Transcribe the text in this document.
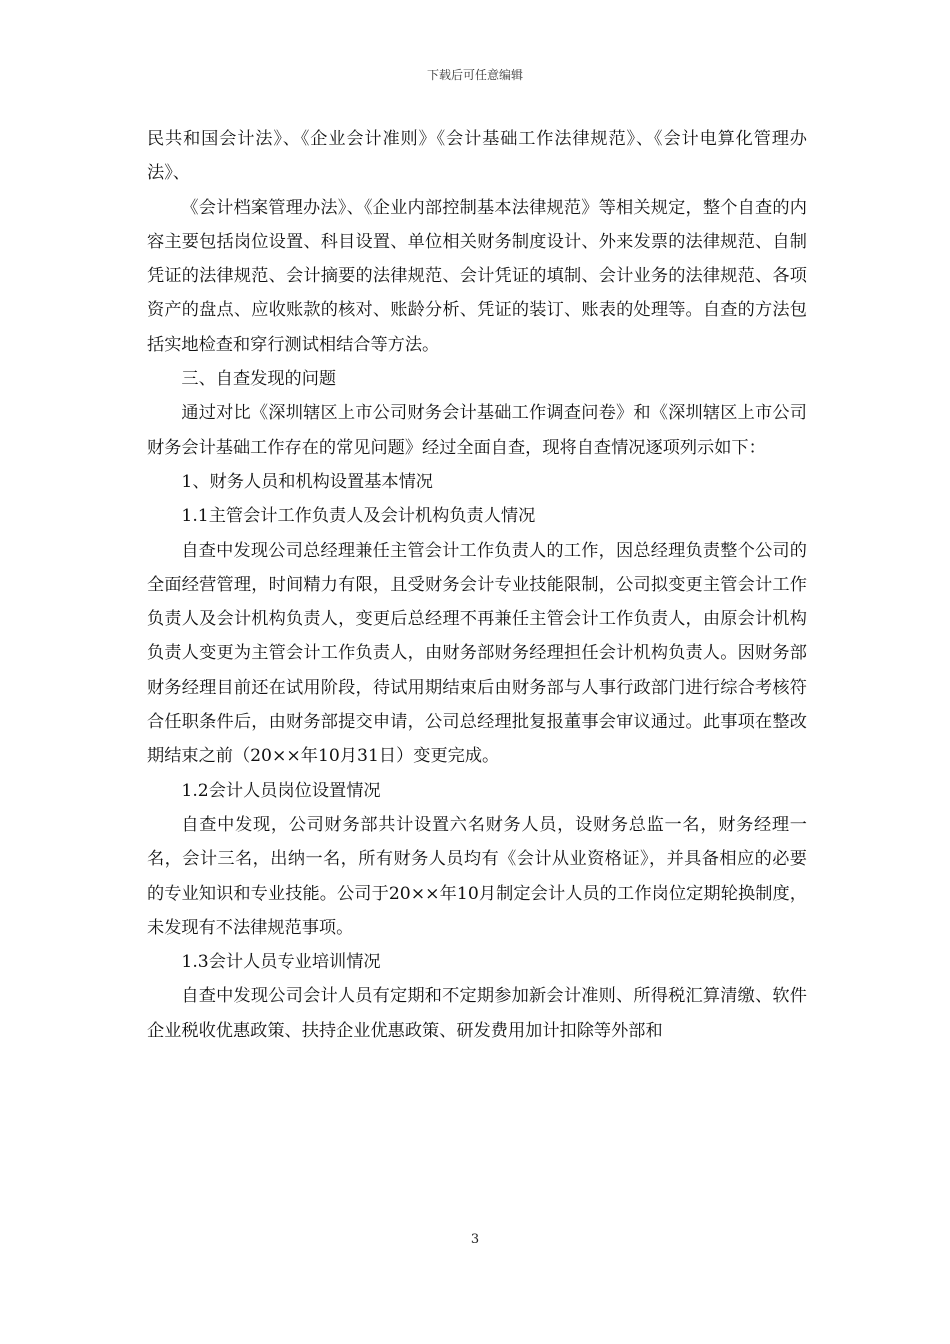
下载后可任意编辑

民共和国会计法》、《企业会计准则》《会计基础工作法律规范》、《会计电算化管理办法》、

《会计档案管理办法》、《企业内部控制基本法律规范》等相关规定，整个自查的内容主要包括岗位设置、科目设置、单位相关财务制度设计、外来发票的法律规范、自制凭证的法律规范、会计摘要的法律规范、会计凭证的填制、会计业务的法律规范、各项资产的盘点、应收账款的核对、账龄分析、凭证的装订、账表的处理等。自查的方法包括实地检查和穿行测试相结合等方法。

三、自查发现的问题

通过对比《深圳辖区上市公司财务会计基础工作调查问卷》和《深圳辖区上市公司财务会计基础工作存在的常见问题》经过全面自查，现将自查情况逐项列示如下：

1、财务人员和机构设置基本情况

1.1主管会计工作负责人及会计机构负责人情况

自查中发现公司总经理兼任主管会计工作负责人的工作，因总经理负责整个公司的全面经营管理，时间精力有限，且受财务会计专业技能限制，公司拟变更主管会计工作负责人及会计机构负责人，变更后总经理不再兼任主管会计工作负责人，由原会计机构负责人变更为主管会计工作负责人，由财务部财务经理担任会计机构负责人。因财务部财务经理目前还在试用阶段，待试用期结束后由财务部与人事行政部门进行综合考核符合任职条件后，由财务部提交申请，公司总经理批复报董事会审议通过。此事项在整改期结束之前（20××年10月31日）变更完成。

1.2会计人员岗位设置情况

自查中发现，公司财务部共计设置六名财务人员，设财务总监一名，财务经理一名，会计三名，出纳一名，所有财务人员均有《会计从业资格证》，并具备相应的必要的专业知识和专业技能。公司于20××年10月制定会计人员的工作岗位定期轮换制度，未发现有不法律规范事项。

1.3会计人员专业培训情况

自查中发现公司会计人员有定期和不定期参加新会计准则、所得税汇算清缴、软件企业税收优惠政策、扶持企业优惠政策、研发费用加计扣除等外部和

3
